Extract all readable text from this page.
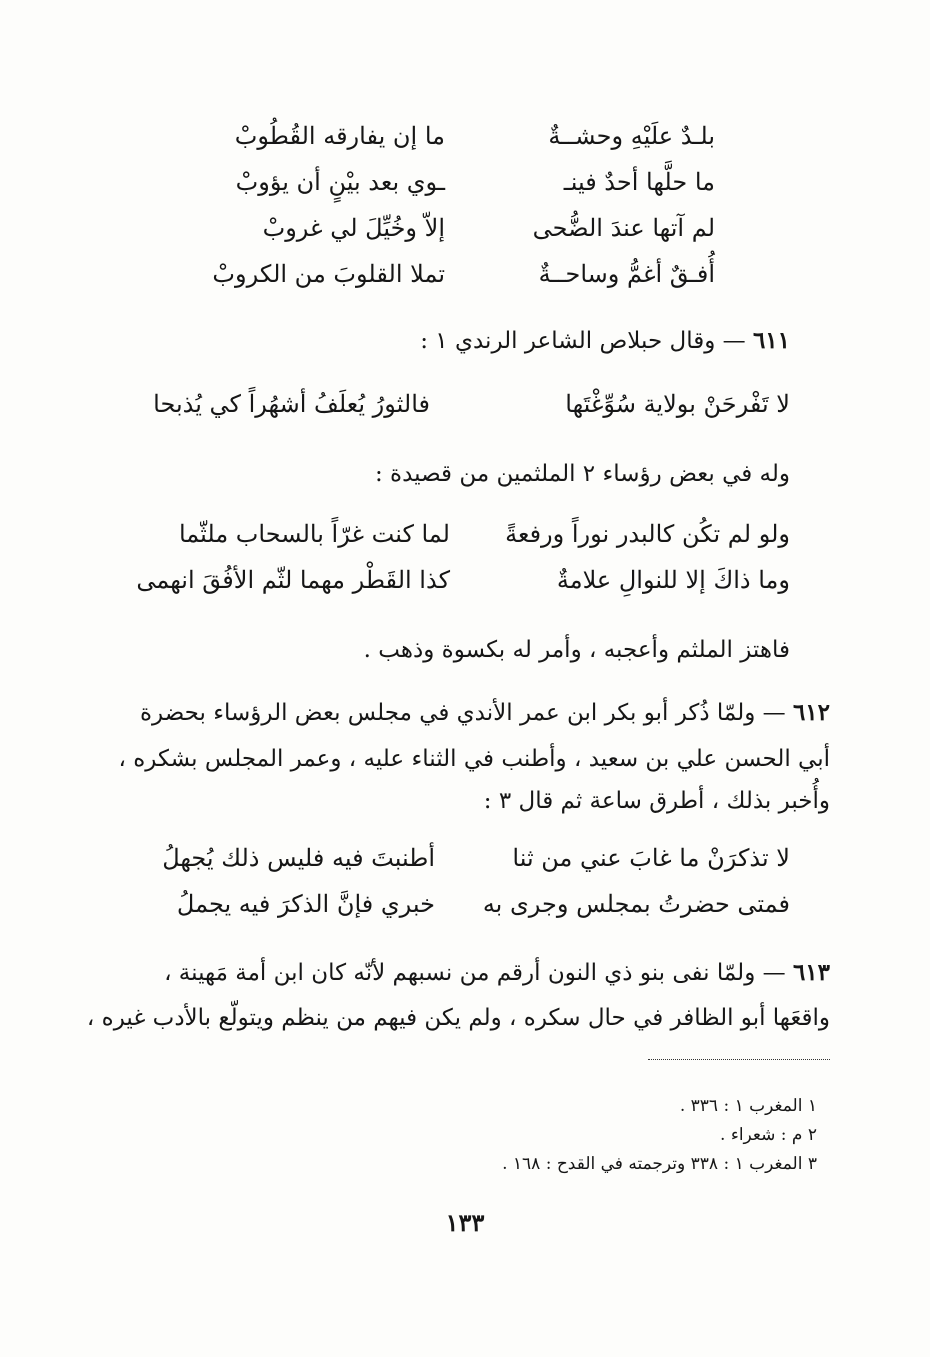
بلـدٌ علَيْهِ وحشــةٌ
ما إن يفارقه القُطُوبْ
ما حلَّها أحدٌ فينـ
ـوي بعد بيْنٍ أن يؤوبْ
لم آتها عندَ الضُّحى
إلاّ وخُيِّلَ لي غروبْ
أُفـقٌ أغمُّ وساحــةٌ
تملا القلوبَ من الكروبْ
٦١١ — وقال حبلاص الشاعر الرندي ١ :
لا تَفْرحَنْ بولاية سُوِّغْتَها
فالثورُ يُعلَفُ أشهُراً كي يُذبحا
وله في بعض رؤساء ٢ الملثمين من قصيدة :
ولو لم تكُن كالبدر نوراً ورفعةً
لما كنت غرّاً بالسحاب ملثّما
وما ذاكَ إلا للنوالِ علامةٌ
كذا القَطْر مهما لثّم الأفُقَ انهمى
فاهتز الملثم وأعجبه ، وأمر له بكسوة وذهب .
٦١٢ — ولمّا ذُكر أبو بكر ابن عمر الأندي في مجلس بعض الرؤساء بحضرة
أبي الحسن علي بن سعيد ، وأطنب في الثناء عليه ، وعمر المجلس بشكره ،
وأُخبر بذلك ، أطرق ساعة ثم قال ٣ :
لا تذكرَنْ ما غابَ عني من ثنا
أطنبتَ فيه فليس ذلك يُجهلُ
فمتى حضرتُ بمجلس وجرى به
خبري فإنَّ الذكرَ فيه يجملُ
٦١٣ — ولمّا نفى بنو ذي النون أرقم من نسبهم لأنّه كان ابن أمة مَهينة ،
واقعَها أبو الظافر في حال سكره ، ولم يكن فيهم من ينظم ويتولّع بالأدب غيره ،
١ المغرب ١ : ٣٣٦ .
٢ م : شعراء .
٣ المغرب ١ : ٣٣٨ وترجمته في القدح : ١٦٨ .
١٣٣
